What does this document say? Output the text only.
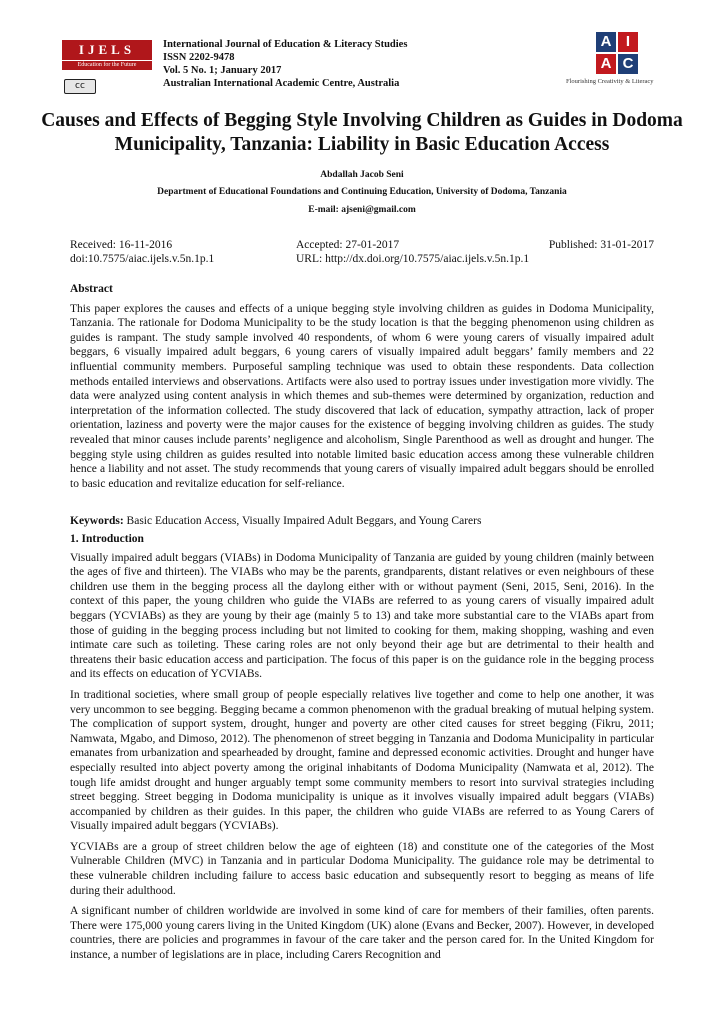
IJELS
Education for the Future
cc
International Journal of Education & Literacy Studies
ISSN 2202-9478
Vol. 5 No. 1; January 2017
Australian International Academic Centre, Australia
A I
A C
Flourishing Creativity & Literacy
Causes and Effects of Begging Style Involving Children as Guides in Dodoma Municipality, Tanzania: Liability in Basic Education Access
Abdallah Jacob Seni
Department of Educational Foundations and Continuing Education, University of Dodoma, Tanzania
E-mail: ajseni@gmail.com
Received: 16-11-2016
doi:10.7575/aiac.ijels.v.5n.1p.1
Accepted: 27-01-2017
URL: http://dx.doi.org/10.7575/aiac.ijels.v.5n.1p.1
Published: 31-01-2017

Abstract

This paper explores the causes and effects of a unique begging style involving children as guides in Dodoma Municipality, Tanzania. The rationale for Dodoma Municipality to be the study location is that the begging phenomenon using children as guides is rampant. The study sample involved 40 respondents, of whom 6 were young carers of visually impaired adult beggars, 6 visually impaired adult beggars, 6 young carers of visually impaired adult beggars’ family members and 22 influential community members. Purposeful sampling technique was used to obtain these respondents. Data collection methods entailed interviews and observations. Artifacts were also used to portray issues under investigation more vividly. The data were analyzed using content analysis in which themes and sub-themes were determined by organization, reduction and interpretation of the information collected. The study discovered that lack of education, sympathy attraction, lack of proper orientation, laziness and poverty were the major causes for the existence of begging involving children as guides. The study revealed that minor causes include parents’ negligence and alcoholism, Single Parenthood as well as drought and hunger. The begging style using children as guides resulted into notable limited basic education access among these vulnerable children hence a liability and not asset. The study recommends that young carers of visually impaired adult beggars should be enrolled to basic education and revitalize education for self-reliance.

Keywords: Basic Education Access, Visually Impaired Adult Beggars, and Young Carers

1. Introduction

Visually impaired adult beggars (VIABs) in Dodoma Municipality of Tanzania are guided by young children (mainly between the ages of five and thirteen). The VIABs who may be the parents, grandparents, distant relatives or even neighbours of these children use them in the begging process all the daylong either with or without payment (Seni, 2015, Seni, 2016). In the context of this paper, the young children who guide the VIABs are referred to as young carers of visually impaired adult beggars (YCVIABs) as they are young by their age (mainly 5 to 13) and take more substantial care to the VIABs apart from those of guiding in the begging process including but not limited to cooking for them, making shopping, washing and even intimate care such as toileting. These caring roles are not only beyond their age but are detrimental to their health and threatens their basic education access and participation. The focus of this paper is on the guidance role in the begging process and its effects on education of YCVIABs.

In traditional societies, where small group of people especially relatives live together and come to help one another, it was very uncommon to see begging. Begging became a common phenomenon with the gradual breaking of mutual helping system. The complication of support system, drought, hunger and poverty are other cited causes for street begging (Fikru, 2011; Namwata, Mgabo, and Dimoso, 2012). The phenomenon of street begging in Tanzania and Dodoma Municipality in particular emanates from urbanization and spearheaded by drought, famine and depressed economic activities. Drought and hunger have especially resulted into abject poverty among the original inhabitants of Dodoma Municipality (Namwata et al, 2012). The tough life amidst drought and hunger arguably tempt some community members to resort into survival strategies including street begging. Street begging in Dodoma municipality is unique as it involves visually impaired adult beggars (VIABs) accompanied by children as their guides. In this paper, the children who guide VIABs are referred to as Young Carers of Visually impaired adult beggars (YCVIABs).

YCVIABs are a group of street children below the age of eighteen (18) and constitute one of the categories of the Most Vulnerable Children (MVC) in Tanzania and in particular Dodoma Municipality. The guidance role may be detrimental to these vulnerable children including failure to access basic education and subsequently resort to begging as means of life during their adulthood.

A significant number of children worldwide are involved in some kind of care for members of their families, often parents. There were 175,000 young carers living in the United Kingdom (UK) alone (Evans and Becker, 2007). However, in developed countries, there are policies and programmes in favour of the care taker and the person cared for. In the United Kingdom for instance, a number of legislations are in place, including Carers Recognition and
